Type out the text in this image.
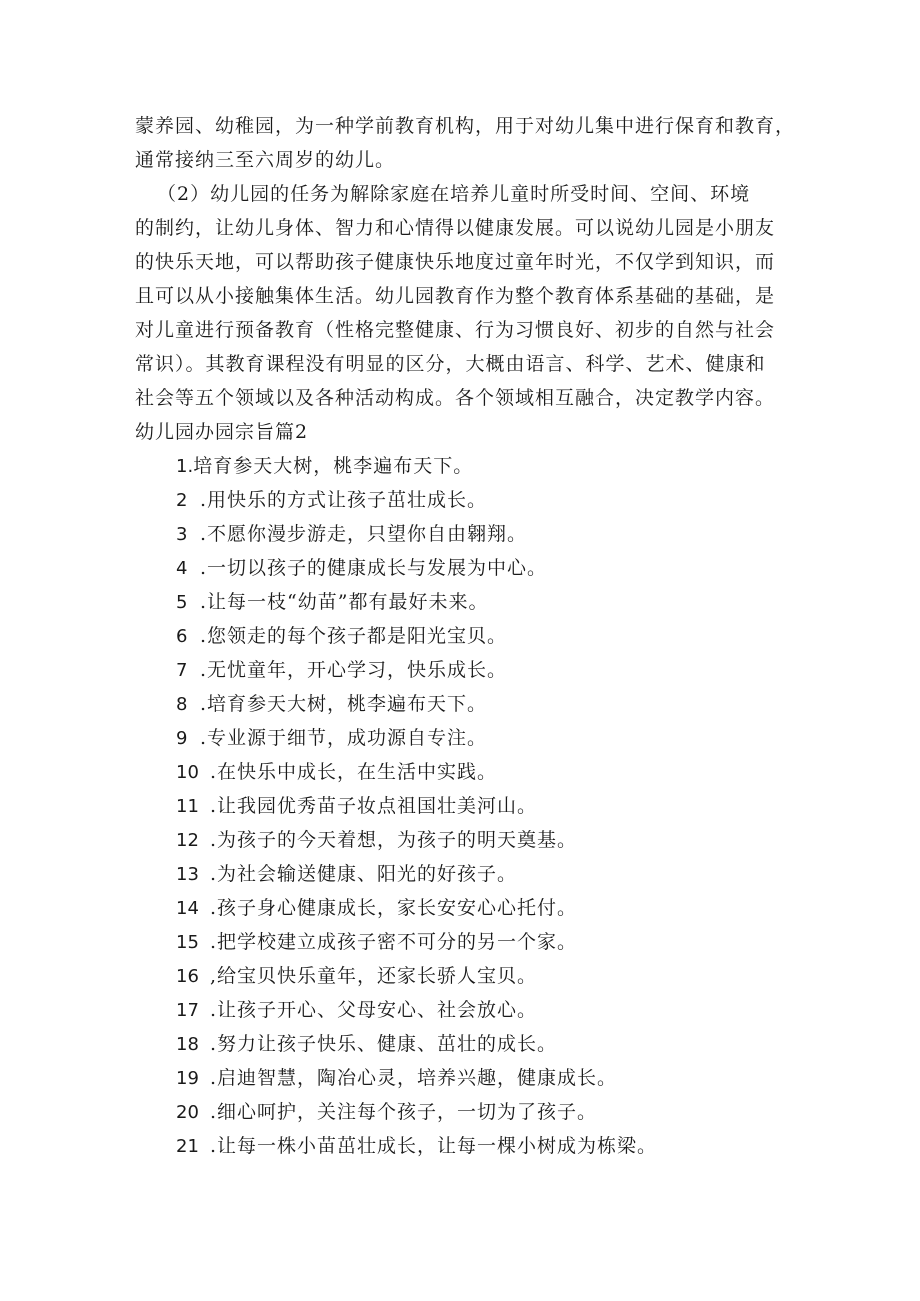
蒙养园、幼稚园，为一种学前教育机构，用于对幼儿集中进行保育和教育，
通常接纳三至六周岁的幼儿。
（2）幼儿园的任务为解除家庭在培养儿童时所受时间、空间、环境
的制约，让幼儿身体、智力和心情得以健康发展。可以说幼儿园是小朋友
的快乐天地，可以帮助孩子健康快乐地度过童年时光，不仅学到知识，而
且可以从小接触集体生活。幼儿园教育作为整个教育体系基础的基础，是
对儿童进行预备教育（性格完整健康、行为习惯良好、初步的自然与社会
常识）。其教育课程没有明显的区分，大概由语言、科学、艺术、健康和
社会等五个领域以及各种活动构成。各个领域相互融合，决定教学内容。
幼儿园办园宗旨篇2
1.培育参天大树，桃李遍布天下。
2 .用快乐的方式让孩子茁壮成长。
3 .不愿你漫步游走，只望你自由翱翔。
4 .一切以孩子的健康成长与发展为中心。
5 .让每一枝“幼苗”都有最好未来。
6 .您领走的每个孩子都是阳光宝贝。
7 .无忧童年，开心学习，快乐成长。
8 .培育参天大树，桃李遍布天下。
9 .专业源于细节，成功源自专注。
10 .在快乐中成长，在生活中实践。
11 .让我园优秀苗子妆点祖国壮美河山。
12 .为孩子的今天着想，为孩子的明天奠基。
13 .为社会输送健康、阳光的好孩子。
14 .孩子身心健康成长，家长安安心心托付。
15 .把学校建立成孩子密不可分的另一个家。
16 ,给宝贝快乐童年，还家长骄人宝贝。
17 .让孩子开心、父母安心、社会放心。
18 .努力让孩子快乐、健康、茁壮的成长。
19 .启迪智慧，陶冶心灵，培养兴趣，健康成长。
20 .细心呵护，关注每个孩子，一切为了孩子。
21 .让每一株小苗茁壮成长，让每一棵小树成为栋梁。
